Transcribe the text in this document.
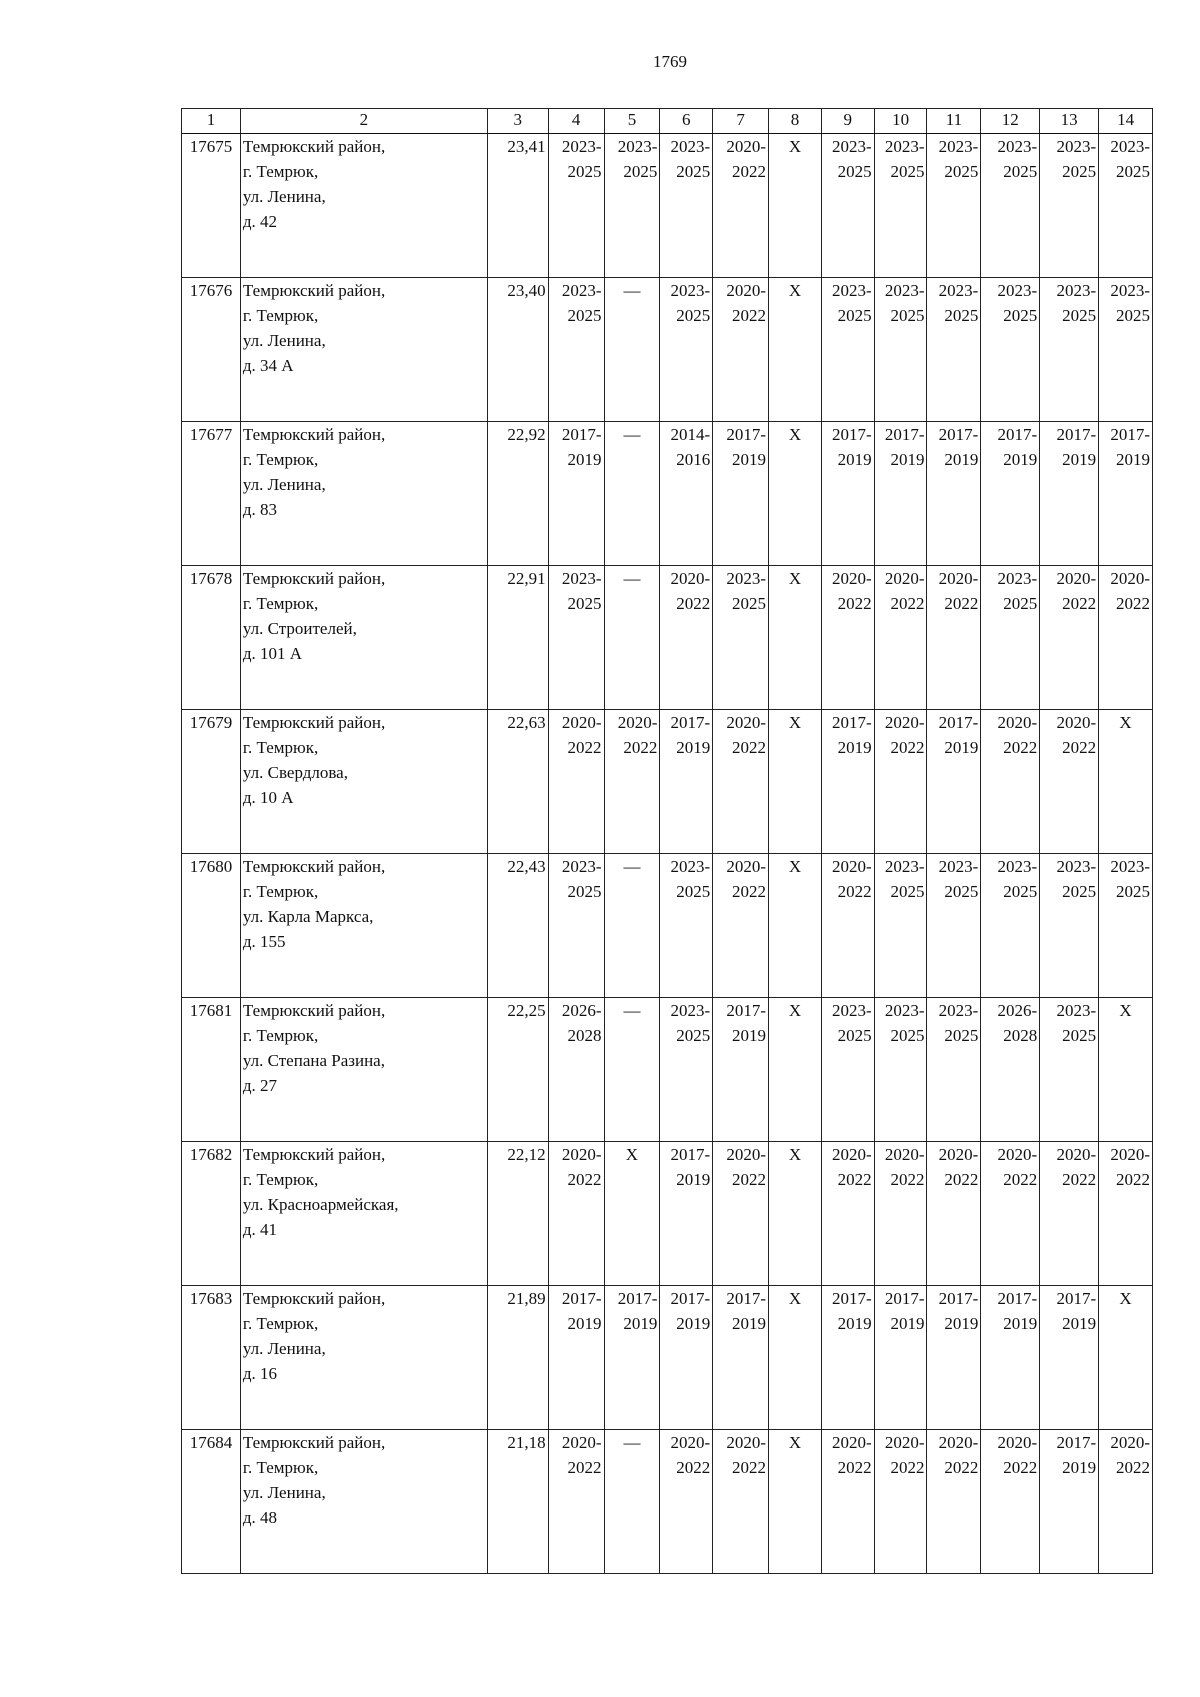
1769
1	2	3	4	5	6	7	8	9	10	11	12	13	14
17675	Темрюкский район,
г. Темрюк,
ул. Ленина,
д. 42	23,41	2023-
2025	2023-
2025	2023-
2025	2020-
2022	Х	2023-
2025	2023-
2025	2023-
2025	2023-
2025	2023-
2025	2023-
2025
17676	Темрюкский район,
г. Темрюк,
ул. Ленина,
д. 34 А	23,40	2023-
2025	—	2023-
2025	2020-
2022	Х	2023-
2025	2023-
2025	2023-
2025	2023-
2025	2023-
2025	2023-
2025
17677	Темрюкский район,
г. Темрюк,
ул. Ленина,
д. 83	22,92	2017-
2019	—	2014-
2016	2017-
2019	Х	2017-
2019	2017-
2019	2017-
2019	2017-
2019	2017-
2019	2017-
2019
17678	Темрюкский район,
г. Темрюк,
ул. Строителей,
д. 101 А	22,91	2023-
2025	—	2020-
2022	2023-
2025	Х	2020-
2022	2020-
2022	2020-
2022	2023-
2025	2020-
2022	2020-
2022
17679	Темрюкский район,
г. Темрюк,
ул. Свердлова,
д. 10 А	22,63	2020-
2022	2020-
2022	2017-
2019	2020-
2022	Х	2017-
2019	2020-
2022	2017-
2019	2020-
2022	2020-
2022	Х
17680	Темрюкский район,
г. Темрюк,
ул. Карла Маркса,
д. 155	22,43	2023-
2025	—	2023-
2025	2020-
2022	Х	2020-
2022	2023-
2025	2023-
2025	2023-
2025	2023-
2025	2023-
2025
17681	Темрюкский район,
г. Темрюк,
ул. Степана Разина,
д. 27	22,25	2026-
2028	—	2023-
2025	2017-
2019	Х	2023-
2025	2023-
2025	2023-
2025	2026-
2028	2023-
2025	Х
17682	Темрюкский район,
г. Темрюк,
ул. Красноармейская,
д. 41	22,12	2020-
2022	Х	2017-
2019	2020-
2022	Х	2020-
2022	2020-
2022	2020-
2022	2020-
2022	2020-
2022	2020-
2022
17683	Темрюкский район,
г. Темрюк,
ул. Ленина,
д. 16	21,89	2017-
2019	2017-
2019	2017-
2019	2017-
2019	Х	2017-
2019	2017-
2019	2017-
2019	2017-
2019	2017-
2019	Х
17684	Темрюкский район,
г. Темрюк,
ул. Ленина,
д. 48	21,18	2020-
2022	—	2020-
2022	2020-
2022	Х	2020-
2022	2020-
2022	2020-
2022	2020-
2022	2017-
2019	2020-
2022
